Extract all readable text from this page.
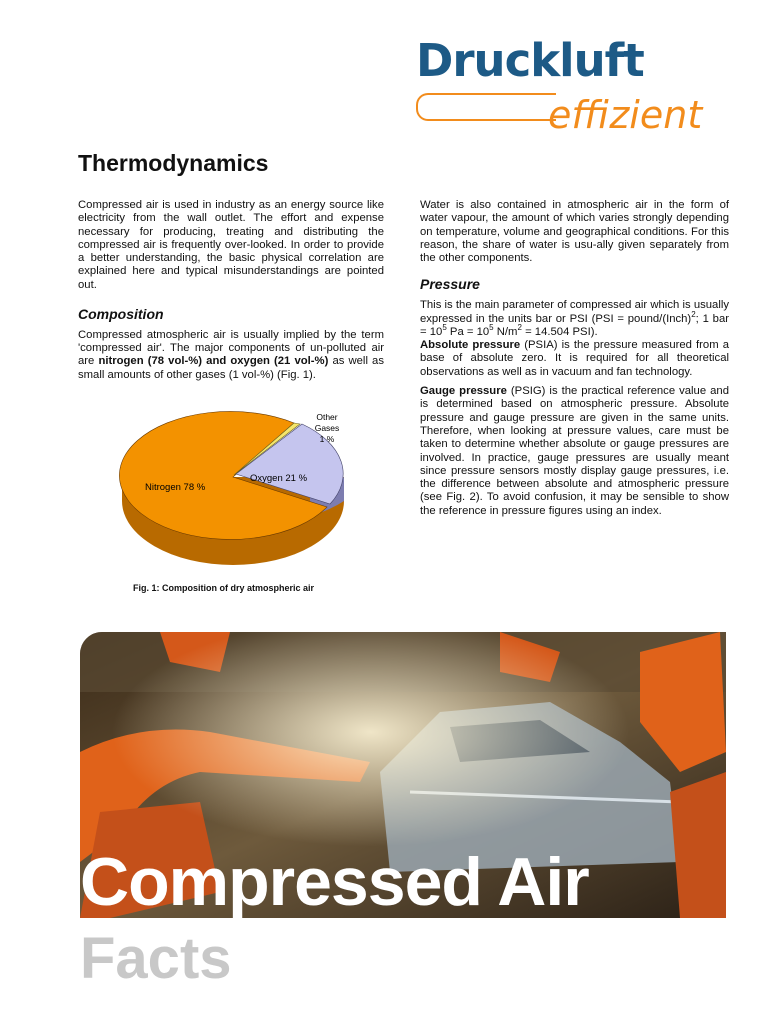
Druckluft
effizient
Thermodynamics

Compressed air is used in industry as an energy source like electricity from the wall outlet. The effort and expense necessary for producing, treating and distributing the compressed air is frequently over-looked. In order to provide a better understanding, the basic physical correlation are explained here and typical misunderstandings are pointed out.

Composition

Compressed atmospheric air is usually implied by the term 'compressed air'. The major components of un-polluted air are nitrogen (78 vol-%) and oxygen (21 vol-%) as well as small amounts of other gases (1 vol-%) (Fig. 1).

Nitrogen 78 %
Oxygen 21 %
Other
Gases
1 %
Fig. 1: Composition of dry atmospheric air

Water is also contained in atmospheric air in the form of water vapour, the amount of which varies strongly depending on temperature, volume and geographical conditions. For this reason, the share of water is usu-ally given separately from the other components.

Pressure

This is the main parameter of compressed air which is usually expressed in the units bar or PSI (PSI = pound/(Inch)$^2$; 1 bar = $10^5$ $Pa = 10^5$ $N/m^2 = 14.504$ PSI).

Absolute pressure (PSIA) is the pressure measured from a base of absolute zero. It is required for all theoretical observations as well as in vacuum and fan technology.

Gauge pressure (PSIG) is the practical reference value and is determined based on atmospheric pressure. Absolute pressure and gauge pressure are given in the same units. Therefore, when looking at pressure values, care must be taken to determine whether absolute or gauge pressures are involved. In practice, gauge pressures are usually meant since pressure sensors mostly display gauge pressures, i.e. the difference between absolute and atmospheric pressure (see Fig. 2). To avoid confusion, it may be sensible to show the reference in pressure figures using an index.

Compressed Air
Facts
